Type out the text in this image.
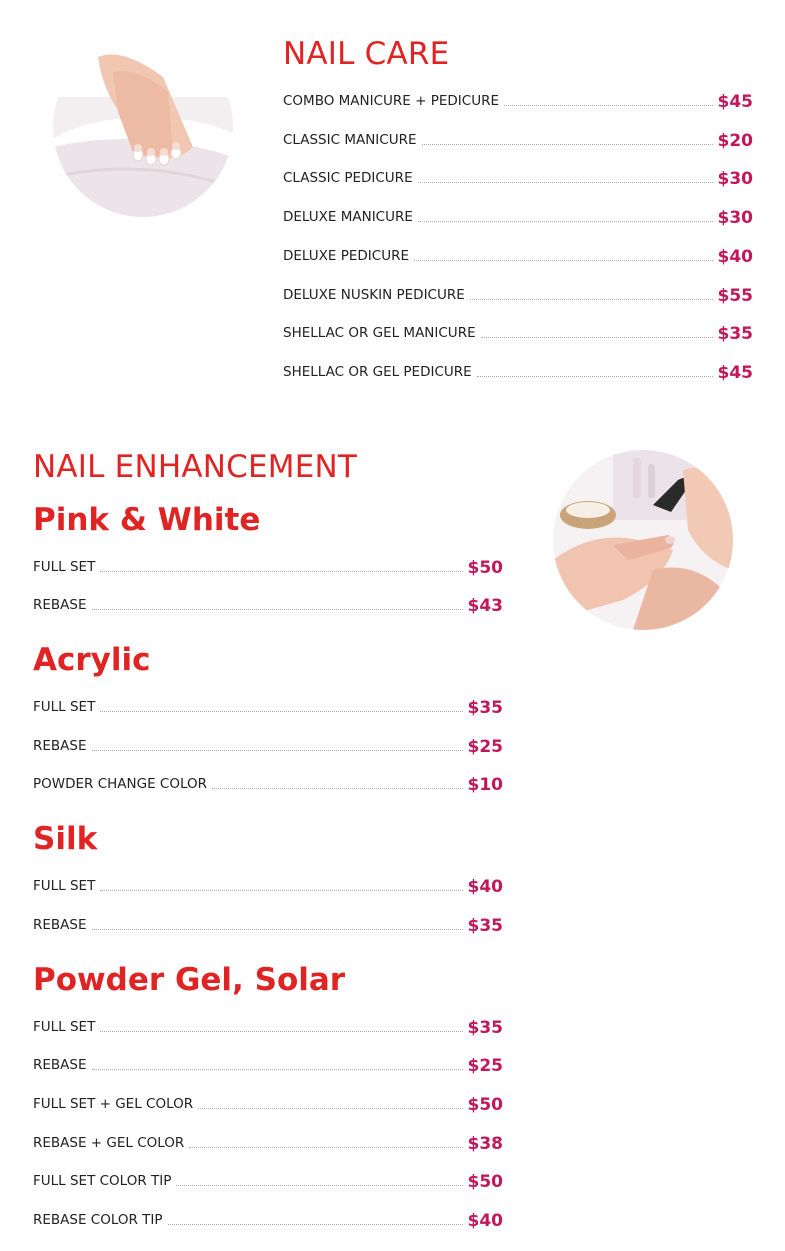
NAIL CARE
COMBO MANICURE + PEDICURE	$45
CLASSIC MANICURE	$20
CLASSIC PEDICURE	$30
DELUXE MANICURE	$30
DELUXE PEDICURE	$40
DELUXE NUSKIN PEDICURE	$55
SHELLAC OR GEL MANICURE	$35
SHELLAC OR GEL PEDICURE	$45
NAIL ENHANCEMENT
Pink & White
FULL SET	$50
REBASE	$43
Acrylic
FULL SET	$35
REBASE	$25
POWDER CHANGE COLOR	$10
Silk
FULL SET	$40
REBASE	$35
Powder Gel, Solar
FULL SET	$35
REBASE	$25
FULL SET + GEL COLOR	$50
REBASE + GEL COLOR	$38
FULL SET COLOR TIP	$50
REBASE COLOR TIP	$40
